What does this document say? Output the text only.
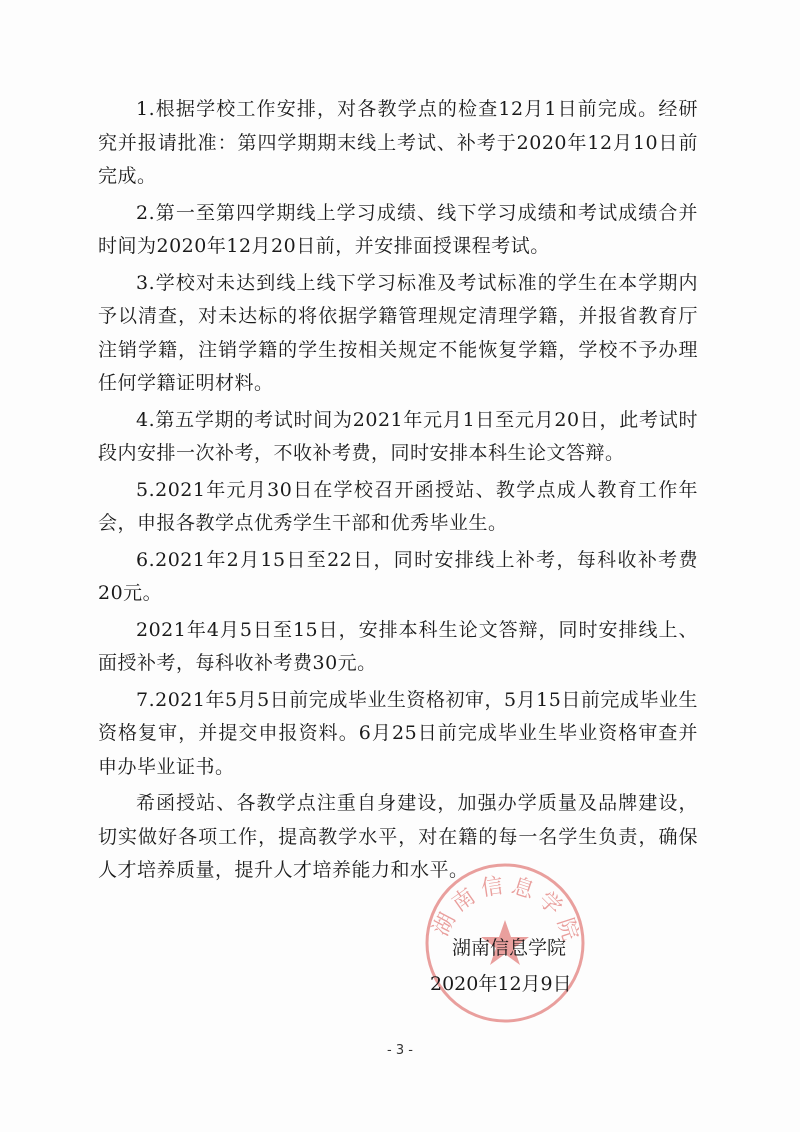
1.根据学校工作安排，对各教学点的检查12月1日前完成。经研究并报请批准：第四学期期末线上考试、补考于2020年12月10日前完成。

2.第一至第四学期线上学习成绩、线下学习成绩和考试成绩合并时间为2020年12月20日前，并安排面授课程考试。

3.学校对未达到线上线下学习标准及考试标准的学生在本学期内予以清查，对未达标的将依据学籍管理规定清理学籍，并报省教育厅注销学籍，注销学籍的学生按相关规定不能恢复学籍，学校不予办理任何学籍证明材料。

4.第五学期的考试时间为2021年元月1日至元月20日，此考试时段内安排一次补考，不收补考费，同时安排本科生论文答辩。

5.2021年元月30日在学校召开函授站、教学点成人教育工作年会，申报各教学点优秀学生干部和优秀毕业生。

6.2021年2月15日至22日，同时安排线上补考，每科收补考费20元。

2021年4月5日至15日，安排本科生论文答辩，同时安排线上、面授补考，每科收补考费30元。

7.2021年5月5日前完成毕业生资格初审，5月15日前完成毕业生资格复审，并提交申报资料。6月25日前完成毕业生毕业资格审查并申办毕业证书。

希函授站、各教学点注重自身建设，加强办学质量及品牌建设，切实做好各项工作，提高教学水平，对在籍的每一名学生负责，确保人才培养质量，提升人才培养能力和水平。

湖南信息学院
湖南信息学院
2020年12月9日
- 3 -
